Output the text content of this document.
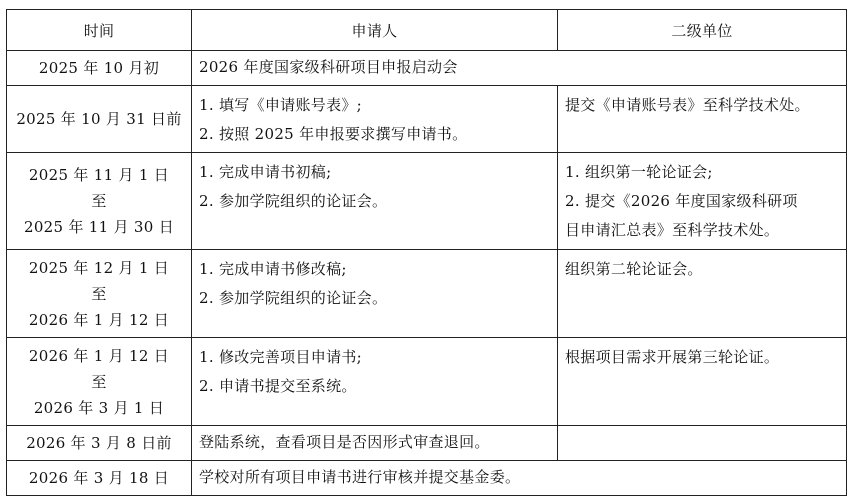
时间	申请人	二级单位

2025 年 10 月初	2026 年度国家级科研项目申报启动会	

2025 年 10 月 31 日前	1. 填写《申请账号表》;
2. 按照 2025 年申报要求撰写申请书。	提交《申请账号表》至科学技术处。

2025 年 11 月 1 日
至
2025 年 11 月 30 日	1. 完成申请书初稿;
2. 参加学院组织的论证会。	1. 组织第一轮论证会;
2. 提交《2026 年度国家级科研项
目申请汇总表》至科学技术处。

2025 年 12 月 1 日
至
2026 年 1 月 12 日	1. 完成申请书修改稿;
2. 参加学院组织的论证会。	组织第二轮论证会。

2026 年 1 月 12 日
至
2026 年 3 月 1 日	1. 修改完善项目申请书;
2. 申请书提交至系统。	根据项目需求开展第三轮论证。

2026 年 3 月 8 日前	登陆系统，查看项目是否因形式审查退回。	

2026 年 3 月 18 日	学校对所有项目申请书进行审核并提交基金委。	
